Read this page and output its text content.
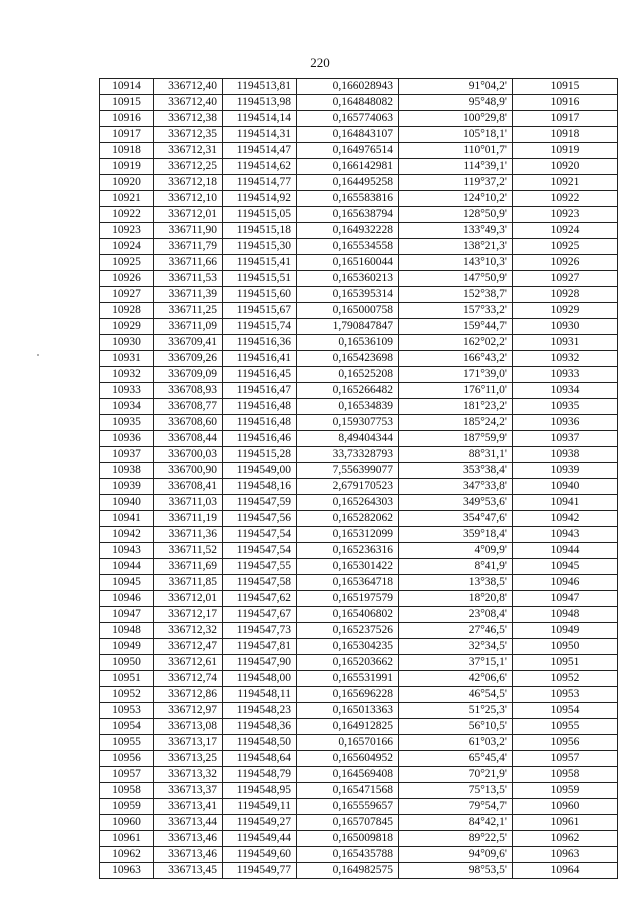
220
10914	336712,40	1194513,81	0,166028943	91°04,2'	10915
10915	336712,40	1194513,98	0,164848082	95°48,9'	10916
10916	336712,38	1194514,14	0,165774063	100°29,8'	10917
10917	336712,35	1194514,31	0,164843107	105°18,1'	10918
10918	336712,31	1194514,47	0,164976514	110°01,7'	10919
10919	336712,25	1194514,62	0,166142981	114°39,1'	10920
10920	336712,18	1194514,77	0,164495258	119°37,2'	10921
10921	336712,10	1194514,92	0,165583816	124°10,2'	10922
10922	336712,01	1194515,05	0,165638794	128°50,9'	10923
10923	336711,90	1194515,18	0,164932228	133°49,3'	10924
10924	336711,79	1194515,30	0,165534558	138°21,3'	10925
10925	336711,66	1194515,41	0,165160044	143°10,3'	10926
10926	336711,53	1194515,51	0,165360213	147°50,9'	10927
10927	336711,39	1194515,60	0,165395314	152°38,7'	10928
10928	336711,25	1194515,67	0,165000758	157°33,2'	10929
10929	336711,09	1194515,74	1,790847847	159°44,7'	10930
10930	336709,41	1194516,36	0,16536109	162°02,2'	10931
10931	336709,26	1194516,41	0,165423698	166°43,2'	10932
10932	336709,09	1194516,45	0,16525208	171°39,0'	10933
10933	336708,93	1194516,47	0,165266482	176°11,0'	10934
10934	336708,77	1194516,48	0,16534839	181°23,2'	10935
10935	336708,60	1194516,48	0,159307753	185°24,2'	10936
10936	336708,44	1194516,46	8,49404344	187°59,9'	10937
10937	336700,03	1194515,28	33,73328793	88°31,1'	10938
10938	336700,90	1194549,00	7,556399077	353°38,4'	10939
10939	336708,41	1194548,16	2,679170523	347°33,8'	10940
10940	336711,03	1194547,59	0,165264303	349°53,6'	10941
10941	336711,19	1194547,56	0,165282062	354°47,6'	10942
10942	336711,36	1194547,54	0,165312099	359°18,4'	10943
10943	336711,52	1194547,54	0,165236316	4°09,9'	10944
10944	336711,69	1194547,55	0,165301422	8°41,9'	10945
10945	336711,85	1194547,58	0,165364718	13°38,5'	10946
10946	336712,01	1194547,62	0,165197579	18°20,8'	10947
10947	336712,17	1194547,67	0,165406802	23°08,4'	10948
10948	336712,32	1194547,73	0,165237526	27°46,5'	10949
10949	336712,47	1194547,81	0,165304235	32°34,5'	10950
10950	336712,61	1194547,90	0,165203662	37°15,1'	10951
10951	336712,74	1194548,00	0,165531991	42°06,6'	10952
10952	336712,86	1194548,11	0,165696228	46°54,5'	10953
10953	336712,97	1194548,23	0,165013363	51°25,3'	10954
10954	336713,08	1194548,36	0,164912825	56°10,5'	10955
10955	336713,17	1194548,50	0,16570166	61°03,2'	10956
10956	336713,25	1194548,64	0,165604952	65°45,4'	10957
10957	336713,32	1194548,79	0,164569408	70°21,9'	10958
10958	336713,37	1194548,95	0,165471568	75°13,5'	10959
10959	336713,41	1194549,11	0,165559657	79°54,7'	10960
10960	336713,44	1194549,27	0,165707845	84°42,1'	10961
10961	336713,46	1194549,44	0,165009818	89°22,5'	10962
10962	336713,46	1194549,60	0,165435788	94°09,6'	10963
10963	336713,45	1194549,77	0,164982575	98°53,5'	10964
